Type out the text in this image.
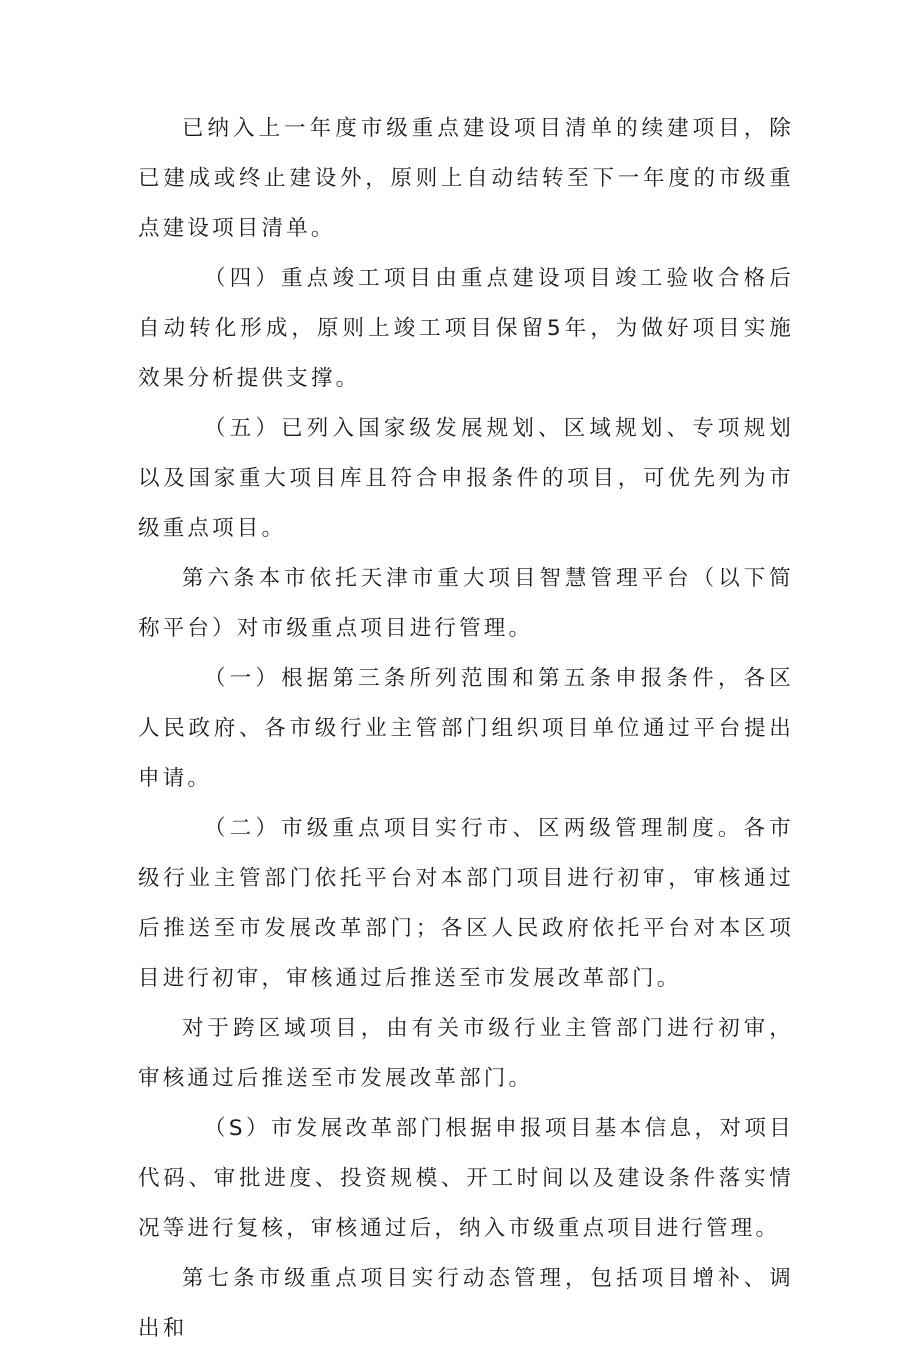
已纳入上一年度市级重点建设项目清单的续建项目，除已建成或终止建设外，原则上自动结转至下一年度的市级重点建设项目清单。

（四）重点竣工项目由重点建设项目竣工验收合格后自动转化形成，原则上竣工项目保留5年，为做好项目实施效果分析提供支撑。

（五）已列入国家级发展规划、区域规划、专项规划以及国家重大项目库且符合申报条件的项目，可优先列为市级重点项目。

第六条本市依托天津市重大项目智慧管理平台（以下简称平台）对市级重点项目进行管理。

（一）根据第三条所列范围和第五条申报条件，各区人民政府、各市级行业主管部门组织项目单位通过平台提出申请。

（二）市级重点项目实行市、区两级管理制度。各市级行业主管部门依托平台对本部门项目进行初审，审核通过后推送至市发展改革部门；各区人民政府依托平台对本区项目进行初审，审核通过后推送至市发展改革部门。

对于跨区域项目，由有关市级行业主管部门进行初审，审核通过后推送至市发展改革部门。

（S）市发展改革部门根据申报项目基本信息，对项目代码、审批进度、投资规模、开工时间以及建设条件落实情况等进行复核，审核通过后，纳入市级重点项目进行管理。

第七条市级重点项目实行动态管理，包括项目增补、调出和
